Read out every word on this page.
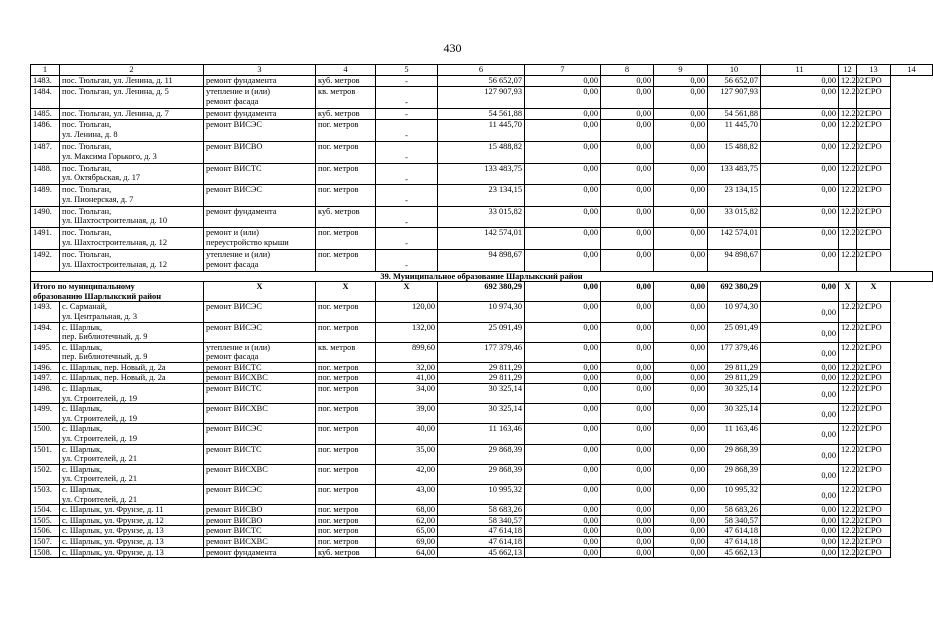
430
1	2	3	4	5	6	7	8	9	10	11	12	13	14
1483.	пос. Тюльган, ул. Ленина, д. 11	ремонт фундамента	куб. метров	-	56 652,07	0,00	0,00	0,00	56 652,07	0,00	12.2021	СРО	
1484.	пос. Тюльган, ул. Ленина, д. 5	утепление и (или)
ремонт фасада	кв. метров	-	127 907,93	0,00	0,00	0,00	127 907,93	0,00	12.2021	СРО	
1485.	пос. Тюльган, ул. Ленина, д. 7	ремонт фундамента	куб. метров	-	54 561,88	0,00	0,00	0,00	54 561,88	0,00	12.2021	СРО	
1486.	пос. Тюльган,
ул. Ленина, д. 8	ремонт ВИСЭС	пог. метров	-	11 445,70	0,00	0,00	0,00	11 445,70	0,00	12.2021	СРО	
1487.	пос. Тюльган,
ул. Максима Горького, д. 3	ремонт ВИСВО	пог. метров	-	15 488,82	0,00	0,00	0,00	15 488,82	0,00	12.2021	СРО	
1488.	пос. Тюльган,
ул. Октябрьская, д. 17	ремонт ВИСТС	пог. метров	-	133 483,75	0,00	0,00	0,00	133 483,75	0,00	12.2021	СРО	
1489.	пос. Тюльган,
ул. Пионерская, д. 7	ремонт ВИСЭС	пог. метров	-	23 134,15	0,00	0,00	0,00	23 134,15	0,00	12.2021	СРО	
1490.	пос. Тюльган,
ул. Шахтостроительная, д. 10	ремонт фундамента	куб. метров	-	33 015,82	0,00	0,00	0,00	33 015,82	0,00	12.2021	СРО	
1491.	пос. Тюльган,
ул. Шахтостроительная, д. 12	ремонт и (или)
переустройство крыши	пог. метров	-	142 574,01	0,00	0,00	0,00	142 574,01	0,00	12.2021	СРО	
1492.	пос. Тюльган,
ул. Шахтостроительная, д. 12	утепление и (или)
ремонт фасада	пог. метров	-	94 898,67	0,00	0,00	0,00	94 898,67	0,00	12.2021	СРО	
39. Муниципальное образование Шарлыкский район													

Итого по муниципальному
образованию Шарлыкский район		X	X	X	692 380,29	0,00	0,00	0,00	692 380,29	0,00	X	X	
1493.	с. Сарманай,
ул. Центральная, д. 3	ремонт ВИСЭС	пог. метров	120,00	10 974,30	0,00	0,00	0,00	10 974,30	0,00	12.2021	СРО	
1494.	с. Шарлык,
пер. Библиотечный, д. 9	ремонт ВИСЭС	пог. метров	132,00	25 091,49	0,00	0,00	0,00	25 091,49	0,00	12.2021	СРО	
1495.	с. Шарлык,
пер. Библиотечный, д. 9	утепление и (или)
ремонт фасада	кв. метров	899,60	177 379,46	0,00	0,00	0,00	177 379,46	0,00	12.2021	СРО	
1496.	с. Шарлык, пер. Новый, д. 2а	ремонт ВИСТС	пог. метров	32,00	29 811,29	0,00	0,00	0,00	29 811,29	0,00	12.2021	СРО	
1497.	с. Шарлык, пер. Новый, д. 2а	ремонт ВИСХВС	пог. метров	41,00	29 811,29	0,00	0,00	0,00	29 811,29	0,00	12.2021	СРО	
1498.	с. Шарлык,
ул. Строителей, д. 19	ремонт ВИСТС	пог. метров	34,00	30 325,14	0,00	0,00	0,00	30 325,14	0,00	12.2021	СРО	
1499.	с. Шарлык,
ул. Строителей, д. 19	ремонт ВИСХВС	пог. метров	39,00	30 325,14	0,00	0,00	0,00	30 325,14	0,00	12.2021	СРО	
1500.	с. Шарлык,
ул. Строителей, д. 19	ремонт ВИСЭС	пог. метров	40,00	11 163,46	0,00	0,00	0,00	11 163,46	0,00	12.2021	СРО	
1501.	с. Шарлык,
ул. Строителей, д. 21	ремонт ВИСТС	пог. метров	35,00	29 868,39	0,00	0,00	0,00	29 868,39	0,00	12.2021	СРО	
1502.	с. Шарлык,
ул. Строителей, д. 21	ремонт ВИСХВС	пог. метров	42,00	29 868,39	0,00	0,00	0,00	29 868,39	0,00	12.2021	СРО	
1503.	с. Шарлык,
ул. Строителей, д. 21	ремонт ВИСЭС	пог. метров	43,00	10 995,32	0,00	0,00	0,00	10 995,32	0,00	12.2021	СРО	
1504.	с. Шарлык, ул. Фрунзе, д. 11	ремонт ВИСВО	пог. метров	68,00	58 683,26	0,00	0,00	0,00	58 683,26	0,00	12.2021	СРО	
1505.	с. Шарлык, ул. Фрунзе, д. 12	ремонт ВИСВО	пог. метров	62,00	58 340,57	0,00	0,00	0,00	58 340,57	0,00	12.2021	СРО	
1506.	с. Шарлык, ул. Фрунзе, д. 13	ремонт ВИСТС	пог. метров	65,00	47 614,18	0,00	0,00	0,00	47 614,18	0,00	12.2021	СРО	
1507.	с. Шарлык, ул. Фрунзе, д. 13	ремонт ВИСХВС	пог. метров	69,00	47 614,18	0,00	0,00	0,00	47 614,18	0,00	12.2021	СРО	
1508.	с. Шарлык, ул. Фрунзе, д. 13	ремонт фундамента	куб. метров	64,00	45 662,13	0,00	0,00	0,00	45 662,13	0,00	12.2021	СРО	
